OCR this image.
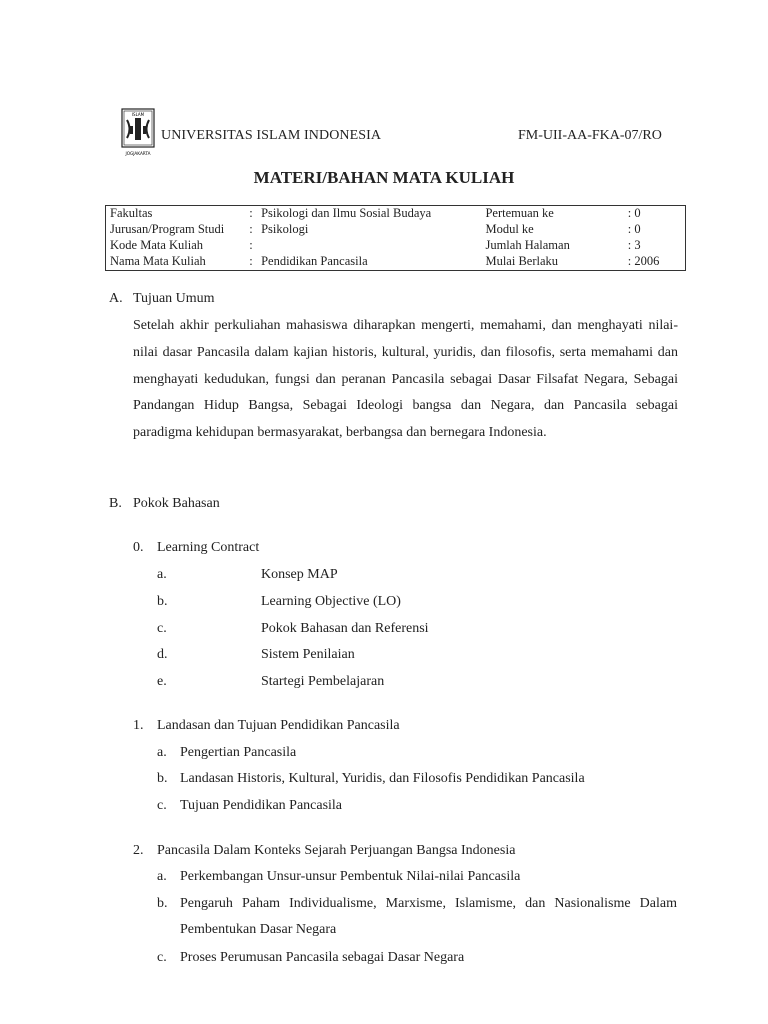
ISLAM
JOGJAKARTA
UNIVERSITAS ISLAM INDONESIA	FM-UII-AA-FKA-07/RO
MATERI/BAHAN MATA KULIAH
Fakultas	:	Psikologi dan Ilmu Sosial Budaya	Pertemuan ke	: 0
Jurusan/Program Studi	:	Psikologi	Modul ke	: 0
Kode Mata Kuliah	:		Jumlah Halaman	: 3
Nama Mata Kuliah	:	Pendidikan Pancasila	Mulai Berlaku	: 2006
A. Tujuan Umum
Setelah akhir perkuliahan mahasiswa diharapkan mengerti, memahami, dan menghayati nilai-nilai dasar Pancasila dalam kajian historis, kultural, yuridis, dan filosofis, serta memahami dan menghayati kedudukan, fungsi dan peranan Pancasila sebagai Dasar Filsafat Negara, Sebagai Pandangan Hidup Bangsa, Sebagai Ideologi bangsa dan Negara, dan Pancasila sebagai paradigma kehidupan bermasyarakat, berbangsa dan bernegara Indonesia.
B. Pokok Bahasan
0. Learning Contract
a.	Konsep MAP
b.	Learning Objective (LO)
c.	Pokok Bahasan dan Referensi
d.	Sistem Penilaian
e.	Startegi Pembelajaran
1. Landasan dan Tujuan Pendidikan Pancasila
a. Pengertian Pancasila
b. Landasan Historis, Kultural, Yuridis, dan Filosofis Pendidikan Pancasila
c. Tujuan Pendidikan Pancasila
2. Pancasila Dalam Konteks Sejarah Perjuangan Bangsa Indonesia
a. Perkembangan Unsur-unsur Pembentuk Nilai-nilai Pancasila
b. Pengaruh Paham Individualisme, Marxisme, Islamisme, dan Nasionalisme Dalam Pembentukan Dasar Negara
c. Proses Perumusan Pancasila sebagai Dasar Negara
